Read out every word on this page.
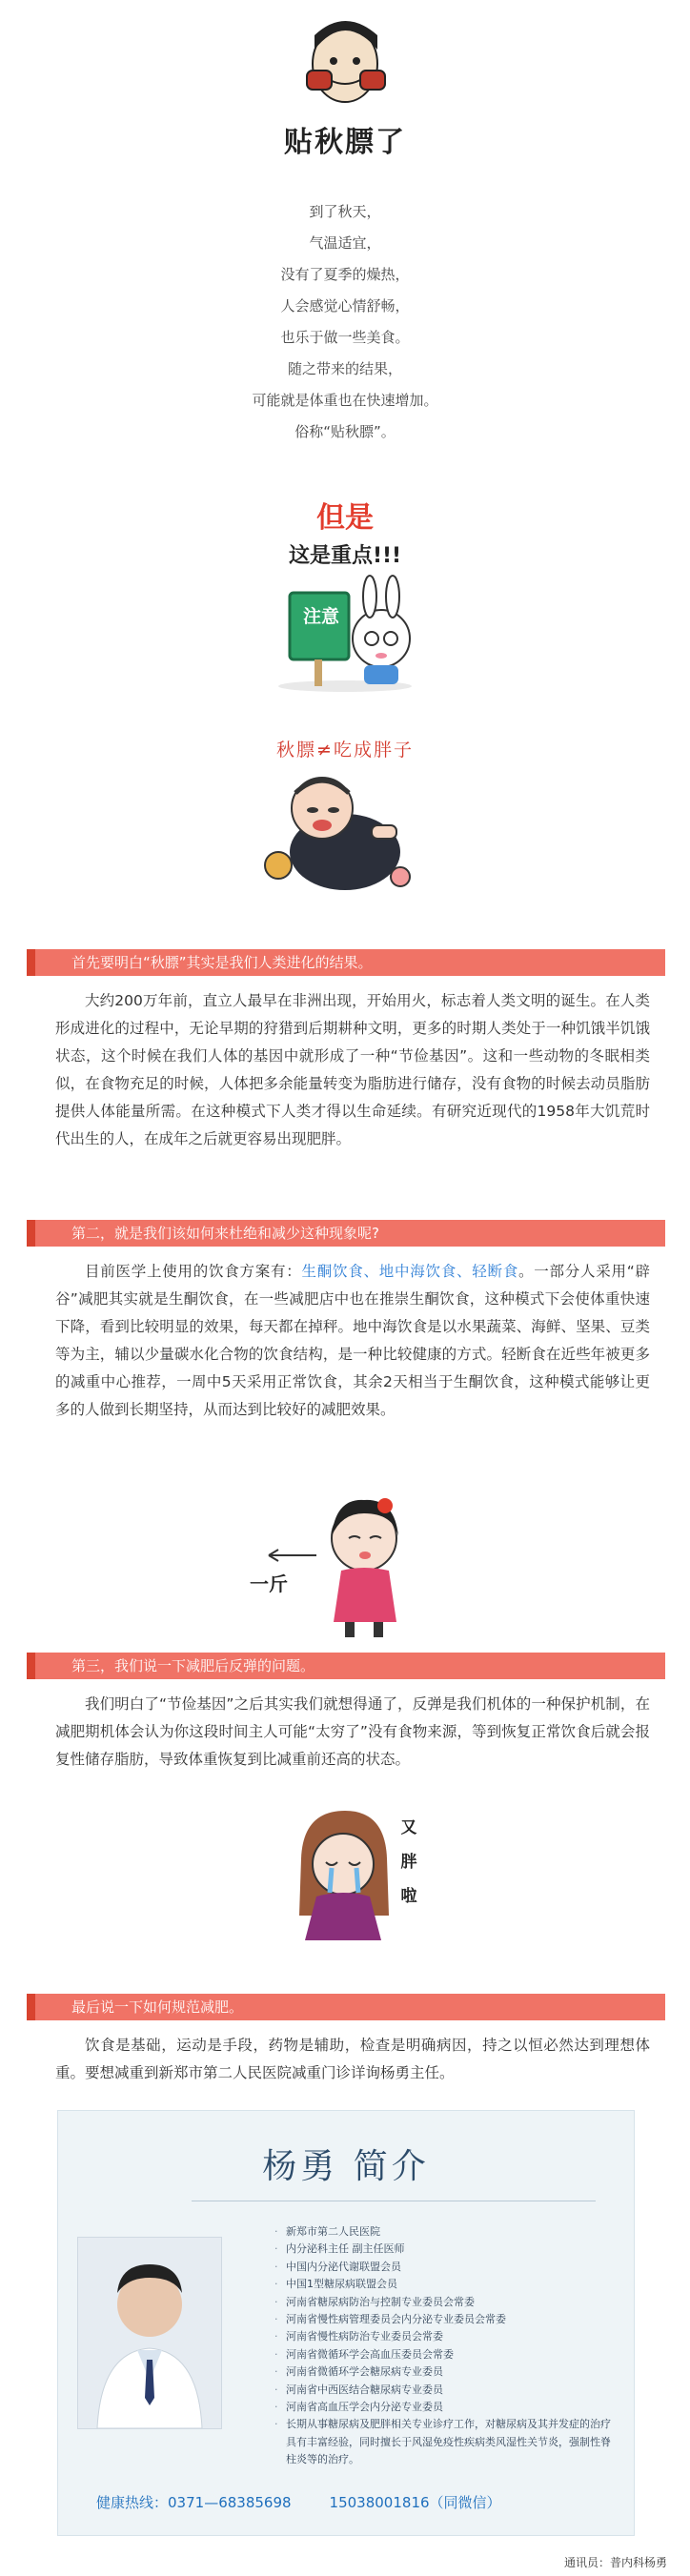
贴秋膘了
到了秋天，
气温适宜，
没有了夏季的燥热，
人会感觉心情舒畅，
也乐于做一些美食。
随之带来的结果，
可能就是体重也在快速增加。
俗称“贴秋膘”。
但是
这是重点!!!
注意
秋膘≠吃成胖子
首先要明白“秋膘”其实是我们人类进化的结果。
大约200万年前，直立人最早在非洲出现，开始用火，标志着人类文明的诞生。在人类形成进化的过程中，无论早期的狩猎到后期耕种文明，更多的时期人类处于一种饥饿半饥饿状态，这个时候在我们人体的基因中就形成了一种“节俭基因”。这和一些动物的冬眠相类似，在食物充足的时候，人体把多余能量转变为脂肪进行储存，没有食物的时候去动员脂肪提供人体能量所需。在这种模式下人类才得以生命延续。有研究近现代的1958年大饥荒时代出生的人，在成年之后就更容易出现肥胖。
第二，就是我们该如何来杜绝和减少这种现象呢?
目前医学上使用的饮食方案有：生酮饮食、地中海饮食、轻断食。一部分人采用“辟谷”减肥其实就是生酮饮食，在一些减肥店中也在推崇生酮饮食，这种模式下会使体重快速下降，看到比较明显的效果，每天都在掉秤。地中海饮食是以水果蔬菜、海鲜、坚果、豆类等为主，辅以少量碳水化合物的饮食结构，是一种比较健康的方式。轻断食在近些年被更多的减重中心推荐，一周中5天采用正常饮食，其余2天相当于生酮饮食，这种模式能够让更多的人做到长期坚持，从而达到比较好的减肥效果。
一斤
第三，我们说一下减肥后反弹的问题。
我们明白了“节俭基因”之后其实我们就想得通了，反弹是我们机体的一种保护机制，在减肥期机体会认为你这段时间主人可能“太穷了”没有食物来源，等到恢复正常饮食后就会报复性储存脂肪，导致体重恢复到比减重前还高的状态。
又
胖
啦
最后说一下如何规范减肥。
饮食是基础，运动是手段，药物是辅助，检查是明确病因，持之以恒必然达到理想体重。要想减重到新郑市第二人民医院减重门诊详询杨勇主任。
杨勇 简介
· 新郑市第二人民医院
· 内分泌科主任 副主任医师
· 中国内分泌代谢联盟会员
· 中国1型糖尿病联盟会员
· 河南省糖尿病防治与控制专业委员会常委
· 河南省慢性病管理委员会内分泌专业委员会常委
· 河南省慢性病防治专业委员会常委
· 河南省微循环学会高血压委员会常委
· 河南省微循环学会糖尿病专业委员
· 河南省中西医结合糖尿病专业委员
· 河南省高血压学会内分泌专业委员
· 长期从事糖尿病及肥胖相关专业诊疗工作，对糖尿病及其并发症的治疗具有丰富经验，同时擅长于风湿免疫性疾病类风湿性关节炎，强制性脊柱炎等的治疗。
健康热线：0371—68385698	15038001816（同微信）
通讯员：普内科杨勇
